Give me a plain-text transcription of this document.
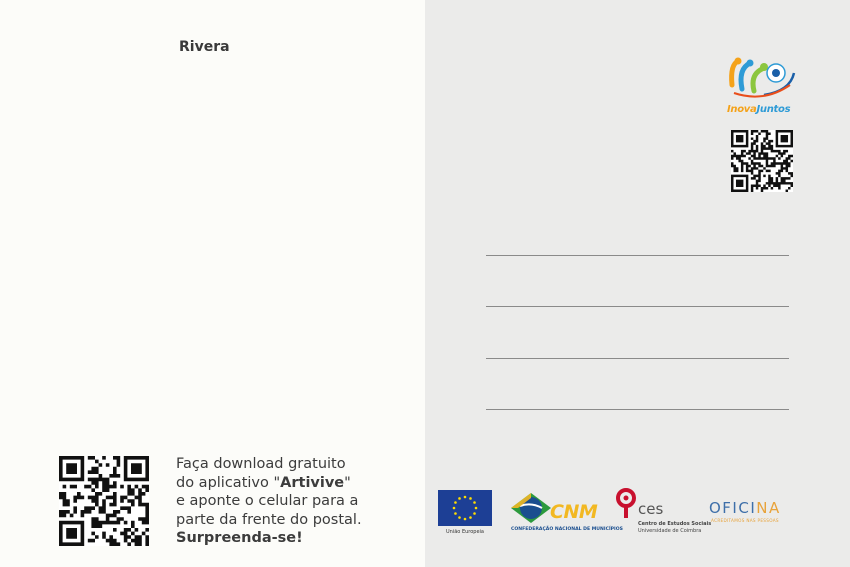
Rivera
Faça download gratuito
do aplicativo "Artivive"
e aponte o celular para a
parte da frente do postal.
Surpreenda-se!
InovaJuntos
União Europeia
CNM
CONFEDERAÇÃO NACIONAL DE MUNICÍPIOS
ces
Centro de Estudos Sociais
Universidade de Coimbra
OFICINA
ACREDITAMOS NAS PESSOAS
